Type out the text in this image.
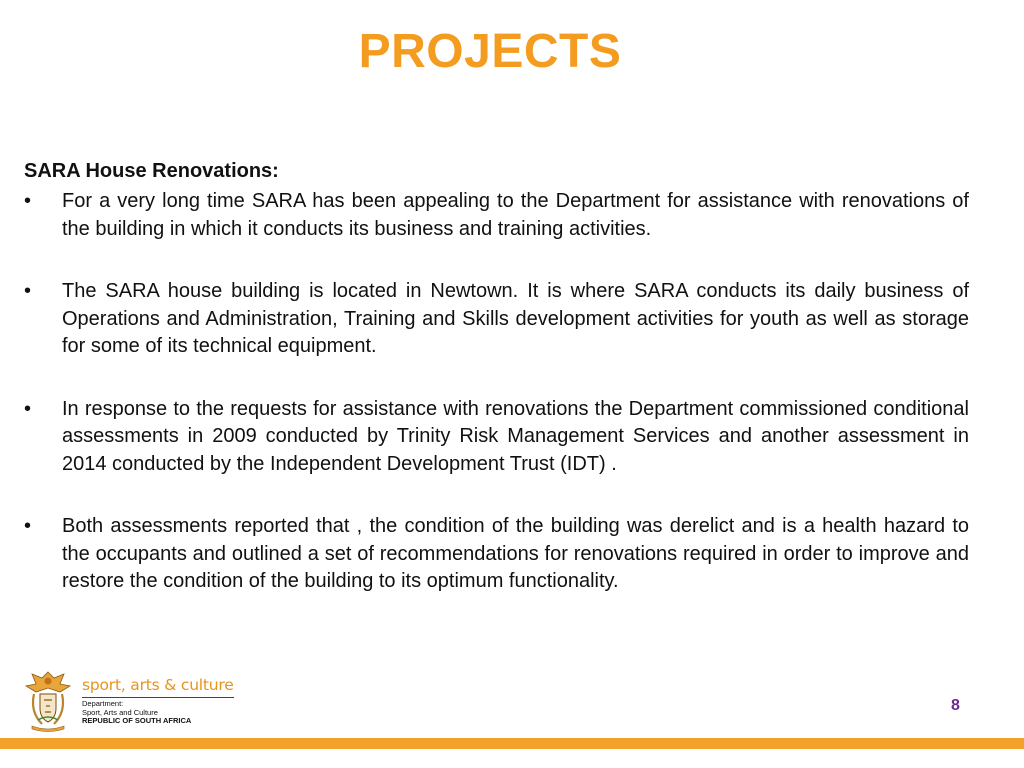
PROJECTS
SARA House Renovations:
• For a very long time SARA has been appealing to the Department for assistance with renovations of the building in which it conducts its business and training activities.
• The SARA house building is located in Newtown. It is where SARA conducts its daily business of Operations and Administration, Training and Skills development activities for youth as well as storage for some of its technical equipment.
• In response to the requests for assistance with renovations the Department commissioned conditional assessments in 2009 conducted by Trinity Risk Management Services and another assessment in 2014 conducted by the Independent Development Trust (IDT) .
• Both assessments reported that , the condition of the building was derelict and is a health hazard to the occupants and outlined a set of recommendations for renovations required in order to improve and restore the condition of the building to its optimum functionality.
sport, arts & culture
Department:
Sport, Arts and Culture
REPUBLIC OF SOUTH AFRICA
8
